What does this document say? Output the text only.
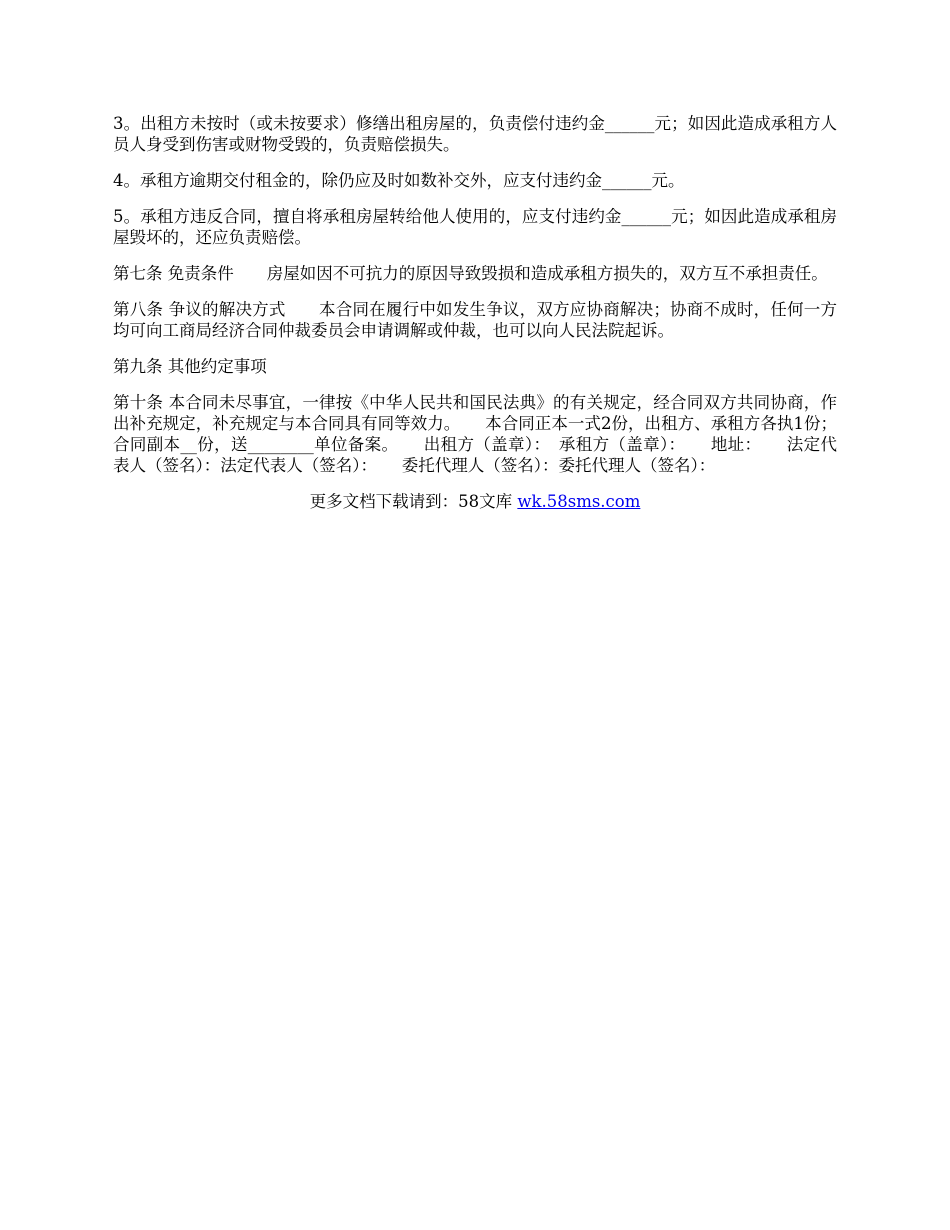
3。出租方未按时（或未按要求）修缮出租房屋的，负责偿付违约金______元；如因此造成承租方人员人身受到伤害或财物受毁的，负责赔偿损失。

4。承租方逾期交付租金的，除仍应及时如数补交外，应支付违约金______元。

5。承租方违反合同，擅自将承租房屋转给他人使用的，应支付违约金______元；如因此造成承租房屋毁坏的，还应负责赔偿。

第七条 免责条件　　房屋如因不可抗力的原因导致毁损和造成承租方损失的，双方互不承担责任。

第八条 争议的解决方式　　本合同在履行中如发生争议，双方应协商解决；协商不成时，任何一方均可向工商局经济合同仲裁委员会申请调解或仲裁，也可以向人民法院起诉。

第九条 其他约定事项

第十条 本合同未尽事宜，一律按《中华人民共和国民法典》的有关规定，经合同双方共同协商，作出补充规定，补充规定与本合同具有同等效力。　　本合同正本一式2份，出租方、承租方各执1份；合同副本__份，送________单位备案。　　出租方（盖章）：　承租方（盖章）：　　地址：　　法定代表人（签名）：法定代表人（签名）：　　委托代理人（签名）：委托代理人（签名）：

更多文档下载请到：58文库 wk.58sms.com
